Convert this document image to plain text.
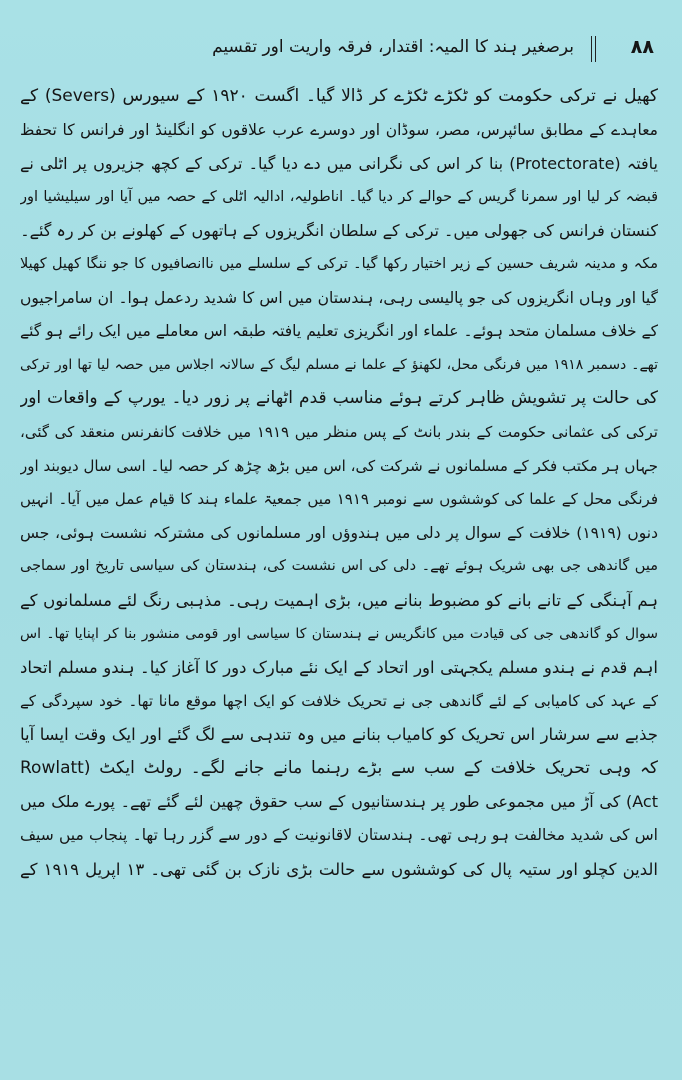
٨٨
برصغیر ہند کا المیہ: اقتدار، فرقہ واریت اور تقسیم
کھیل نے ترکی حکومت کو ٹکڑے ٹکڑے کر ڈالا گیا۔ اگست ۱۹۲۰ کے سیورس (Severs) کے
معاہدے کے مطابق سائپرس، مصر، سوڈان اور دوسرے عرب علاقوں کو انگلینڈ اور فرانس کا تحفظ
یافتہ (Protectorate) بنا کر اس کی نگرانی میں دے دیا گیا۔ ترکی کے کچھ جزیروں پر اٹلی نے
قبضہ کر لیا اور سمرنا گریس کے حوالے کر دیا گیا۔ اناطولیہ، ادالیہ اٹلی کے حصہ میں آیا اور سیلیشیا اور
کنستان فرانس کی جھولی میں۔ ترکی کے سلطان انگریزوں کے ہاتھوں کے کھلونے بن کر رہ گئے۔
مکہ و مدینہ شریف حسین کے زیر اختیار رکھا گیا۔ ترکی کے سلسلے میں ناانصافیوں کا جو ننگا کھیل کھیلا
گیا اور وہاں انگریزوں کی جو پالیسی رہی، ہندستان میں اس کا شدید ردعمل ہوا۔ ان سامراجیوں
کے خلاف مسلمان متحد ہوئے۔ علماء اور انگریزی تعلیم یافتہ طبقہ اس معاملے میں ایک رائے ہو گئے
تھے۔ دسمبر ۱۹۱۸ میں فرنگی محل، لکھنؤ کے علما نے مسلم لیگ کے سالانہ اجلاس میں حصہ لیا تھا اور ترکی
کی حالت پر تشویش ظاہر کرتے ہوئے مناسب قدم اٹھانے پر زور دیا۔ یورپ کے واقعات اور
ترکی کی عثمانی حکومت کے بندر بانٹ کے پس منظر میں ۱۹۱۹ میں خلافت کانفرنس منعقد کی گئی،
جہاں ہر مکتب فکر کے مسلمانوں نے شرکت کی، اس میں بڑھ چڑھ کر حصہ لیا۔ اسی سال دیوبند اور
فرنگی محل کے علما کی کوششوں سے نومبر ۱۹۱۹ میں جمعیۃ علماء ہند کا قیام عمل میں آیا۔ انہیں
دنوں (۱۹۱۹) خلافت کے سوال پر دلی میں ہندوؤں اور مسلمانوں کی مشترکہ نشست ہوئی، جس
میں گاندھی جی بھی شریک ہوئے تھے۔ دلی کی اس نشست کی، ہندستان کی سیاسی تاریخ اور سماجی
ہم آہنگی کے تانے بانے کو مضبوط بنانے میں، بڑی اہمیت رہی۔ مذہبی رنگ لئے مسلمانوں کے
سوال کو گاندھی جی کی قیادت میں کانگریس نے ہندستان کا سیاسی اور قومی منشور بنا کر اپنایا تھا۔ اس
اہم قدم نے ہندو مسلم یکجہتی اور اتحاد کے ایک نئے مبارک دور کا آغاز کیا۔ ہندو مسلم اتحاد
کے عہد کی کامیابی کے لئے گاندھی جی نے تحریک خلافت کو ایک اچھا موقع مانا تھا۔ خود سپردگی کے
جذبے سے سرشار اس تحریک کو کامیاب بنانے میں وہ تندہی سے لگ گئے اور ایک وقت ایسا آیا
کہ وہی تحریک خلافت کے سب سے بڑے رہنما مانے جانے لگے۔ رولٹ ایکٹ (Rowlatt
Act) کی آڑ میں مجموعی طور پر ہندستانیوں کے سب حقوق چھین لئے گئے تھے۔ پورے ملک میں
اس کی شدید مخالفت ہو رہی تھی۔ ہندستان لاقانونیت کے دور سے گزر رہا تھا۔ پنجاب میں سیف
الدین کچلو اور ستیہ پال کی کوششوں سے حالت بڑی نازک بن گئی تھی۔ ۱۳ اپریل ۱۹۱۹ کے
